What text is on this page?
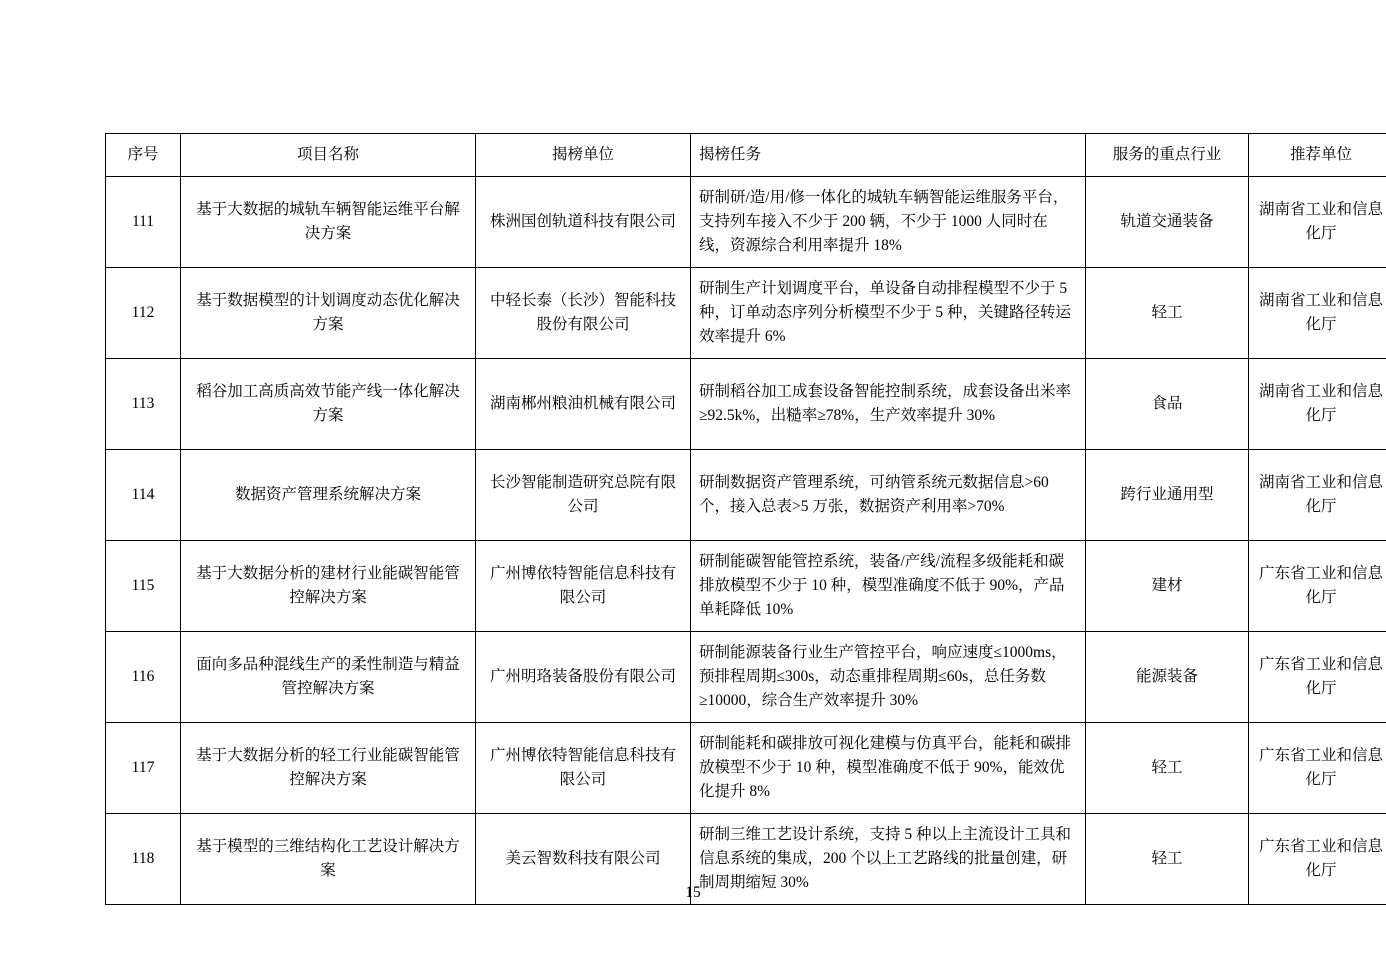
序号	项目名称	揭榜单位	揭榜任务	服务的重点行业	推荐单位
111	基于大数据的城轨车辆智能运维平台解决方案	株洲国创轨道科技有限公司	研制研/造/用/修一体化的城轨车辆智能运维服务平台，支持列车接入不少于 200 辆，不少于 1000 人同时在线，资源综合利用率提升 18%	轨道交通装备	湖南省工业和信息化厅
112	基于数据模型的计划调度动态优化解决方案	中轻长泰（长沙）智能科技股份有限公司	研制生产计划调度平台，单设备自动排程模型不少于 5 种，订单动态序列分析模型不少于 5 种，关键路径转运效率提升 6%	轻工	湖南省工业和信息化厅
113	稻谷加工高质高效节能产线一体化解决方案	湖南郴州粮油机械有限公司	研制稻谷加工成套设备智能控制系统，成套设备出米率≥92.5k%，出糙率≥78%，生产效率提升 30%	食品	湖南省工业和信息化厅
114	数据资产管理系统解决方案	长沙智能制造研究总院有限公司	研制数据资产管理系统，可纳管系统元数据信息>60 个，接入总表>5 万张，数据资产利用率>70%	跨行业通用型	湖南省工业和信息化厅
115	基于大数据分析的建材行业能碳智能管控解决方案	广州博依特智能信息科技有限公司	研制能碳智能管控系统，装备/产线/流程多级能耗和碳排放模型不少于 10 种，模型准确度不低于 90%，产品单耗降低 10%	建材	广东省工业和信息化厅
116	面向多品种混线生产的柔性制造与精益管控解决方案	广州明珞装备股份有限公司	研制能源装备行业生产管控平台，响应速度≤1000ms，预排程周期≤300s，动态重排程周期≤60s，总任务数≥10000，综合生产效率提升 30%	能源装备	广东省工业和信息化厅
117	基于大数据分析的轻工行业能碳智能管控解决方案	广州博依特智能信息科技有限公司	研制能耗和碳排放可视化建模与仿真平台，能耗和碳排放模型不少于 10 种，模型准确度不低于 90%，能效优化提升 8%	轻工	广东省工业和信息化厅
118	基于模型的三维结构化工艺设计解决方案	美云智数科技有限公司	研制三维工艺设计系统，支持 5 种以上主流设计工具和信息系统的集成，200 个以上工艺路线的批量创建，研制周期缩短 30%	轻工	广东省工业和信息化厅
15
